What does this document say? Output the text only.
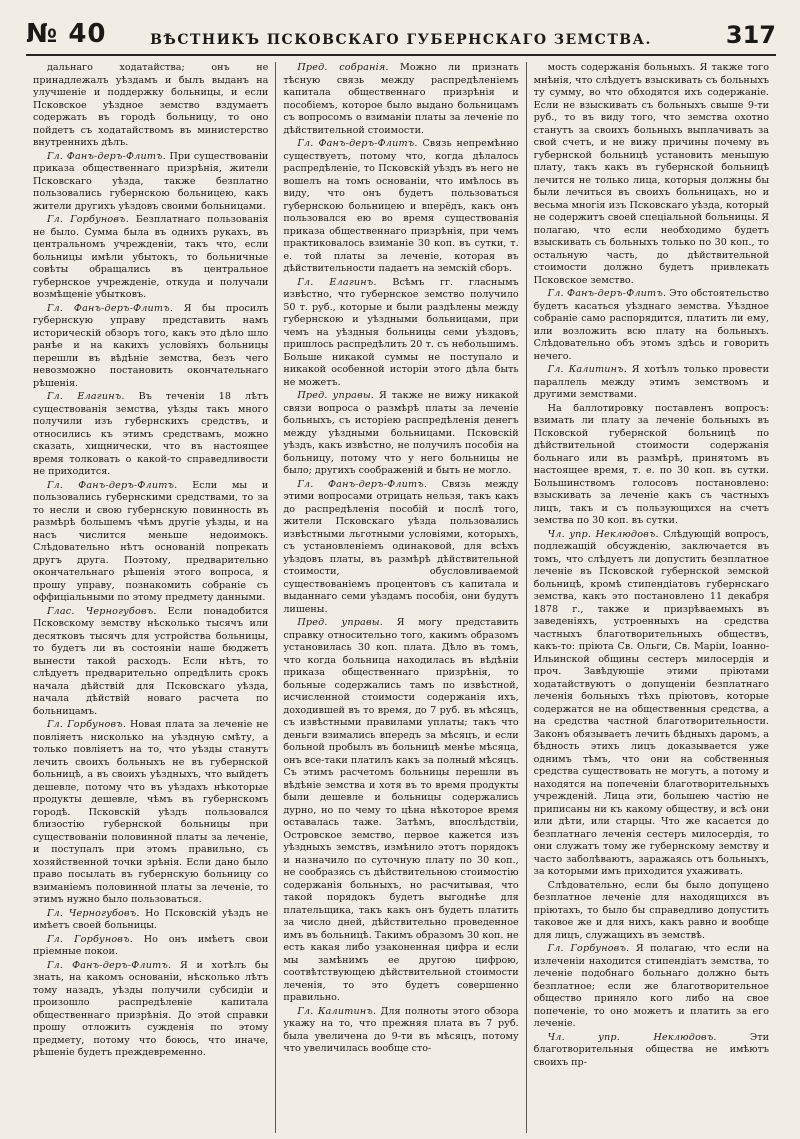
№ 40	ВѢСТНИКЪ ПСКОВСКАГО ГУБЕРНСКАГО ЗЕМСТВА.	317

дальнаго ходатайства; онъ не принадлежалъ уѣздамъ и былъ выданъ на улучшеніе и поддержку больницы, и если Псковское уѣздное земство вздумаетъ содержать въ городѣ больницу, то оно пойдетъ съ ходатайствомъ въ министерство внутреннихъ дѣлъ.

Гл. Фанъ-деръ-Флитъ. При существованіи приказа общественнаго призрѣнія, жители Псковскаго уѣзда, также безплатно пользовались губернскою больницею, какъ жители другихъ уѣздовъ своими больницами.

Гл. Горбуновъ. Безплатнаго пользованія не было. Сумма была въ однихъ рукахъ, въ центральномъ учрежденіи, такъ что, если больницы имѣли убытокъ, то больничные совѣты обращались въ центральное губернское учрежденіе, откуда и получали возмѣщеніе убытковъ.

Гл. Фанъ-деръ-Флитъ. Я бы просилъ губернскую управу представить намъ историческій обзоръ того, какъ это дѣло шло ранѣе и на какихъ условіяхъ больницы перешли въ вѣдѣніе земства, безъ чего невозможно постановить окончательнаго рѣшенія.

Гл. Елагинъ. Въ теченіи 18 лѣтъ существованія земства, уѣзды такъ много получили изъ губернскихъ средствъ, и относились къ этимъ средствамъ, можно сказать, хищнически, что въ настоящее время толковать о какой-то справедливости не приходится.

Гл. Фанъ-деръ-Флитъ. Если мы и пользовались губернскими средствами, то за то несли и свою губернскую повинность въ размѣрѣ большемъ чѣмъ другіе уѣзды, и на насъ числится меньше недоимокъ. Слѣдовательно нѣтъ основаній попрекать другъ друга. Поэтому, предварительно окончательнаго рѣшенія этого вопроса, я прошу управу, познакомить собраніе съ оффиціальными по этому предмету данными.

Глас. Черногубовъ. Если понадобится Псковскому земству нѣсколько тысячъ или десятковъ тысячъ для устройства больницы, то будетъ ли въ состояніи наше бюджетъ вынести такой расходъ. Если нѣтъ, то слѣдуетъ предварительно опредѣлить срокъ начала дѣйствій для Псковскаго уѣзда, начала дѣйствій новаго расчета по больницамъ.

Гл. Горбуновъ. Новая плата за леченіе не повліяетъ нисколько на уѣздную смѣту, а только повліяетъ на то, что уѣзды станутъ лечить своихъ больныхъ не въ губернской больницѣ, а въ своихъ уѣздныхъ, что выйдетъ дешевле, потому что въ уѣздахъ нѣкоторые продукты дешевле, чѣмъ въ губернскомъ городѣ. Псковскій уѣздъ пользовался близостію губернской больницы при существованіи половинной платы за леченіе, и поступалъ при этомъ правильно, съ хозяйственной точки зрѣнія. Если дано было право посылать въ губернскую больницу со взиманіемъ половинной платы за леченіе, то этимъ нужно было пользоваться.

Гл. Черногубовъ. Но Псковскій уѣздъ не имѣетъ своей больницы.

Гл. Горбуновъ. Но онъ имѣетъ свои пріемные покои.

Гл. Фанъ-деръ-Флитъ. Я и хотѣлъ бы знать, на какомъ основаніи, нѣсколько лѣтъ тому назадъ, уѣзды получили субсидіи и произошло распредѣленіе капитала общественнаго призрѣнія. До этой справки прошу отложить сужденія по этому предмету, потому что боюсь, что иначе, рѣшеніе будетъ преждевременно.

Пред. собранія. Можно ли признать тѣсную связь между распредѣленіемъ капитала общественнаго призрѣнія и пособіемъ, которое было выдано больницамъ съ вопросомъ о взиманіи платы за леченіе по дѣйствительной стоимости.

Гл. Фанъ-деръ-Флитъ. Связь непремѣнно существуетъ, потому что, когда дѣлалось распредѣленіе, то Псковскій уѣздъ въ него не вошелъ на томъ основаніи, что имѣлось въ виду, что онъ будетъ пользоваться губернскою больницею и вперёдъ, какъ онъ пользовался ею во время существованія приказа общественнаго призрѣнія, при чемъ практиковалось взиманіе 30 коп. въ сутки, т. е. той платы за леченіе, которая въ дѣйствительности падаетъ на земскій сборъ.

Гл. Елагинъ. Всѣмъ гг. гласнымъ извѣстно, что губернское земство получило 50 т. руб., которые и были раздѣлены между губернскою и уѣздными больницами, при чемъ на уѣздныя больницы семи уѣздовъ, пришлось распредѣлить 20 т. съ небольшимъ. Больше никакой суммы не поступало и никакой особенной исторіи этого дѣла быть не можетъ.

Пред. управы. Я также не вижу никакой связи вопроса о размѣрѣ платы за леченіе больныхъ, съ исторіею распредѣленія денегъ между уѣздными больницами. Псковскій уѣздъ, какъ извѣстно, не получилъ пособія на больницу, потому что у него больницы не было; другихъ соображеній и быть не могло.

Гл. Фанъ-деръ-Флитъ. Связь между этими вопросами отрицать нельзя, такъ какъ до распредѣленія пособій и послѣ того, жители Псковскаго уѣзда пользовались извѣстными льготными условіями, которыхъ, съ установленіемъ одинаковой, для всѣхъ уѣздовъ платы, въ размѣрѣ дѣйствительной стоимости, обусловливаемой существованіемъ процентовъ съ капитала и выданнаго семи уѣздамъ пособія, они будутъ лишены.

Пред. управы. Я могу представить справку относительно того, какимъ образомъ установилась 30 коп. плата. Дѣло въ томъ, что когда больница находилась въ вѣдѣніи приказа общественнаго призрѣнія, то больные содержались тамъ по извѣстной, исчисленной стоимости содержанія ихъ, доходившей въ то время, до 7 руб. въ мѣсяцъ, съ извѣстными правилами уплаты; такъ что деньги взимались впередъ за мѣсяцъ, и если больной пробылъ въ больницѣ менѣе мѣсяца, онъ все-таки платилъ какъ за полный мѣсяцъ. Съ этимъ расчетомъ больницы перешли въ вѣдѣніе земства и хотя въ то время продукты были дешевле и больницы содержались дурно, но по чему то цѣна нѣкоторое время оставалась таже. Затѣмъ, впослѣдствіи, Островское земство, первое кажется изъ уѣздныхъ земствъ, измѣнило этотъ порядокъ и назначило по суточную плату по 30 коп., не сообразясь съ дѣйствительною стоимостію содержанія больныхъ, но расчитывая, что такой порядокъ будетъ выгоднѣе для плательщика, такъ какъ онъ будетъ платить за число дней, дѣйствительно проведенное имъ въ больницѣ. Такимъ образомъ 30 коп. не есть какая либо узаконенная цифра и если мы замѣнимъ ее другою цифрою, соотвѣтствующею дѣйствительной стоимости леченія, то это будетъ совершенно правильно.

Гл. Калитинъ. Для полноты этого обзора укажу на то, что прежняя плата въ 7 руб. была увеличена до 9-ти въ мѣсяцъ, потому что увеличилась вообще сто-

мость содержанія больныхъ. Я также того мнѣнія, что слѣдуетъ взыскивать съ больныхъ ту сумму, во что обходятся ихъ содержаніе. Если не взыскивать съ больныхъ свыше 9-ти руб., то въ виду того, что земства охотно станутъ за своихъ больныхъ выплачивать за свой счетъ, и не вижу причины почему въ губернской больницѣ установить меньшую плату, такъ какъ въ губернской больницѣ лечится не только лица, которыя должны бы были лечиться въ своихъ больницахъ, но и весьма многія изъ Псковскаго уѣзда, который не содержитъ своей спеціальной больницы. Я полагаю, что если необходимо будетъ взыскивать съ больныхъ только по 30 коп., то остальную часть, до дѣйствительной стоимости должно будетъ привлекать Псковское земство.

Гл. Фанъ-деръ-Флитъ. Это обстоятельство будетъ касаться уѣзднаго земства. Уѣздное собраніе само распорядится, платить ли ему, или возложить всю плату на больныхъ. Слѣдовательно объ этомъ здѣсь и говорить нечего.

Гл. Калитинъ. Я хотѣлъ только провести параллель между этимъ земствомъ и другими земствами.

На баллотировку поставленъ вопросъ: взимать ли плату за леченіе больныхъ въ Псковской губернской больницѣ по дѣйствительной стоимости содержанія больнаго или въ размѣрѣ, принятомъ въ настоящее время, т. е. по 30 коп. въ сутки. Большинствомъ голосовъ постановлено: взыскивать за леченіе какъ съ частныхъ лицъ, такъ и съ пользующихся на счетъ земства по 30 коп. въ сутки.

Чл. упр. Неклюдовъ. Слѣдующій вопросъ, подлежащій обсужденію, заключается въ томъ, что слѣдуетъ ли допустить безплатное леченіе въ Псковской губернской земской больницѣ, кромѣ стипендіатовъ губернскаго земства, какъ это постановлено 11 декабря 1878 г., также и призрѣваемыхъ въ заведеніяхъ, устроенныхъ на средства частныхъ благотворительныхъ обществъ, какъ-то: пріюта Св. Ольги, Св. Маріи, Іоанно-Ильинской общины сестеръ милосердія и проч. Завѣдующіе этими пріютами ходатайствуютъ о допущеніи безплатнаго леченія больныхъ тѣхъ пріютовъ, которые содержатся не на общественныя средства, а на средства частной благотворительности. Законъ обязываетъ лечить бѣдныхъ даромъ, а бѣдность этихъ лицъ доказывается уже однимъ тѣмъ, что они на собственныя средства существовать не могутъ, а потому и находятся на попеченіи благотворительныхъ учрежденій. Лица эти, большею частію не приписаны ни къ какому обществу, и всѣ они или дѣти, или старцы. Что же касается до безплатнаго леченія сестеръ милосердія, то они служатъ тому же губернскому земству и часто заболѣваютъ, заражаясь отъ больныхъ, за которыми имъ приходится ухаживать.

Слѣдовательно, если бы было допущено безплатное леченіе для находящихся въ пріютахъ, то было бы справедливо допустить таковое же и для нихъ, какъ равно и вообще для лицъ, служащихъ въ земствѣ.

Гл. Горбуновъ. Я полагаю, что если на излеченіи находится стипендіатъ земства, то леченіе подобнаго больнаго должно быть безплатное; если же благотворительное общество приняло кого либо на свое попеченіе, то оно можетъ и платить за его леченіе.

Чл. упр. Неклюдовъ.	Эти благотворительныя общества не имѣютъ своихъ пр-
